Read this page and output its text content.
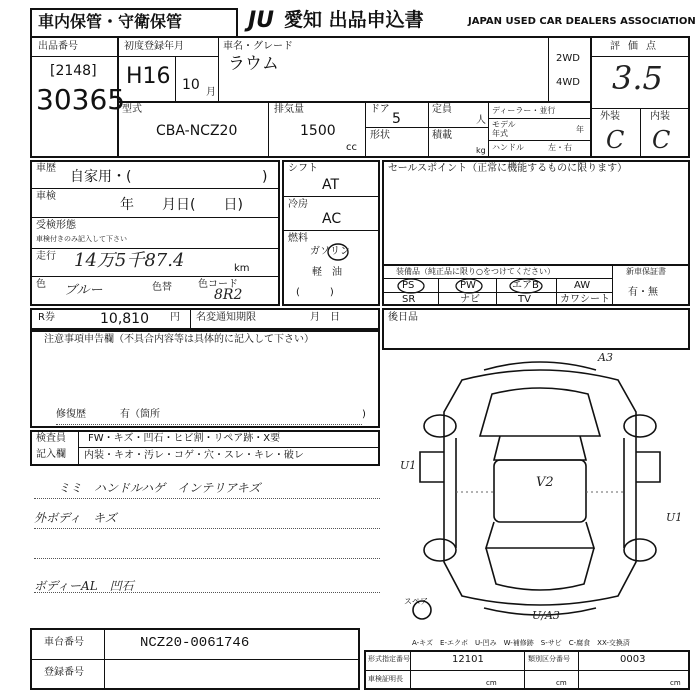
車内保管・守衛保管	JU 愛知 出品申込書	JAPAN USED CAR DEALERS ASSOCIATION
出品番号
[2148]
30365
初度登録年月
H16 10 月
車名・グレード
ラウム	2WD
4WD
評価点
3.5
外装	内装
C C
型式
CBA-NCZ20
排気量
1500
cc
ドア
5
定員
人
形状	積載
kg
ディーラー・並行
モデル
年式	年
ハンドル	左・右
車歴
自家用・(	)
車検
年　　月日(　　日)
受検形態
車検付きのみ記入して下さい
走行 14万5千87.4	km
色 ブルー	色替	色コード
8R2
シフト
AT
冷房
AC
燃料
ガソリン
軽　油
(　　　)
セールスポイント（正常に機能するものに限ります）
装備品（純正品に限り○をつけてください）	新車保証書
有・無
PS	PW	エアB	AW
SR	ナビ	TV	カワシート
R券	10,810 円 名変通知期限	月　日	後日品
注意事項申告欄（不具合内容等は具体的に記入して下さい）
修復歴	有（箇所	)
検査員
記入欄
FW・キズ・凹石・ヒビ割・リペア跡・X要
内装・キオ・汚レ・コゲ・穴・スレ・キレ・破レ
ミミ　ハンドルハゲ　インテリアキズ
外ボディ　キズ
ボディーAL　凹石
A3
U1
V2
U1
U/A3
スペア
A-キズ　E-エクボ　U-凹み　W-補修跡　S-サビ　C-腐食　XX-交換済
車台番号	NCZ20-0061746
登録番号
形式指定番号	12101	類別区分番号	0003
車検証明長	cm	cm	cm
